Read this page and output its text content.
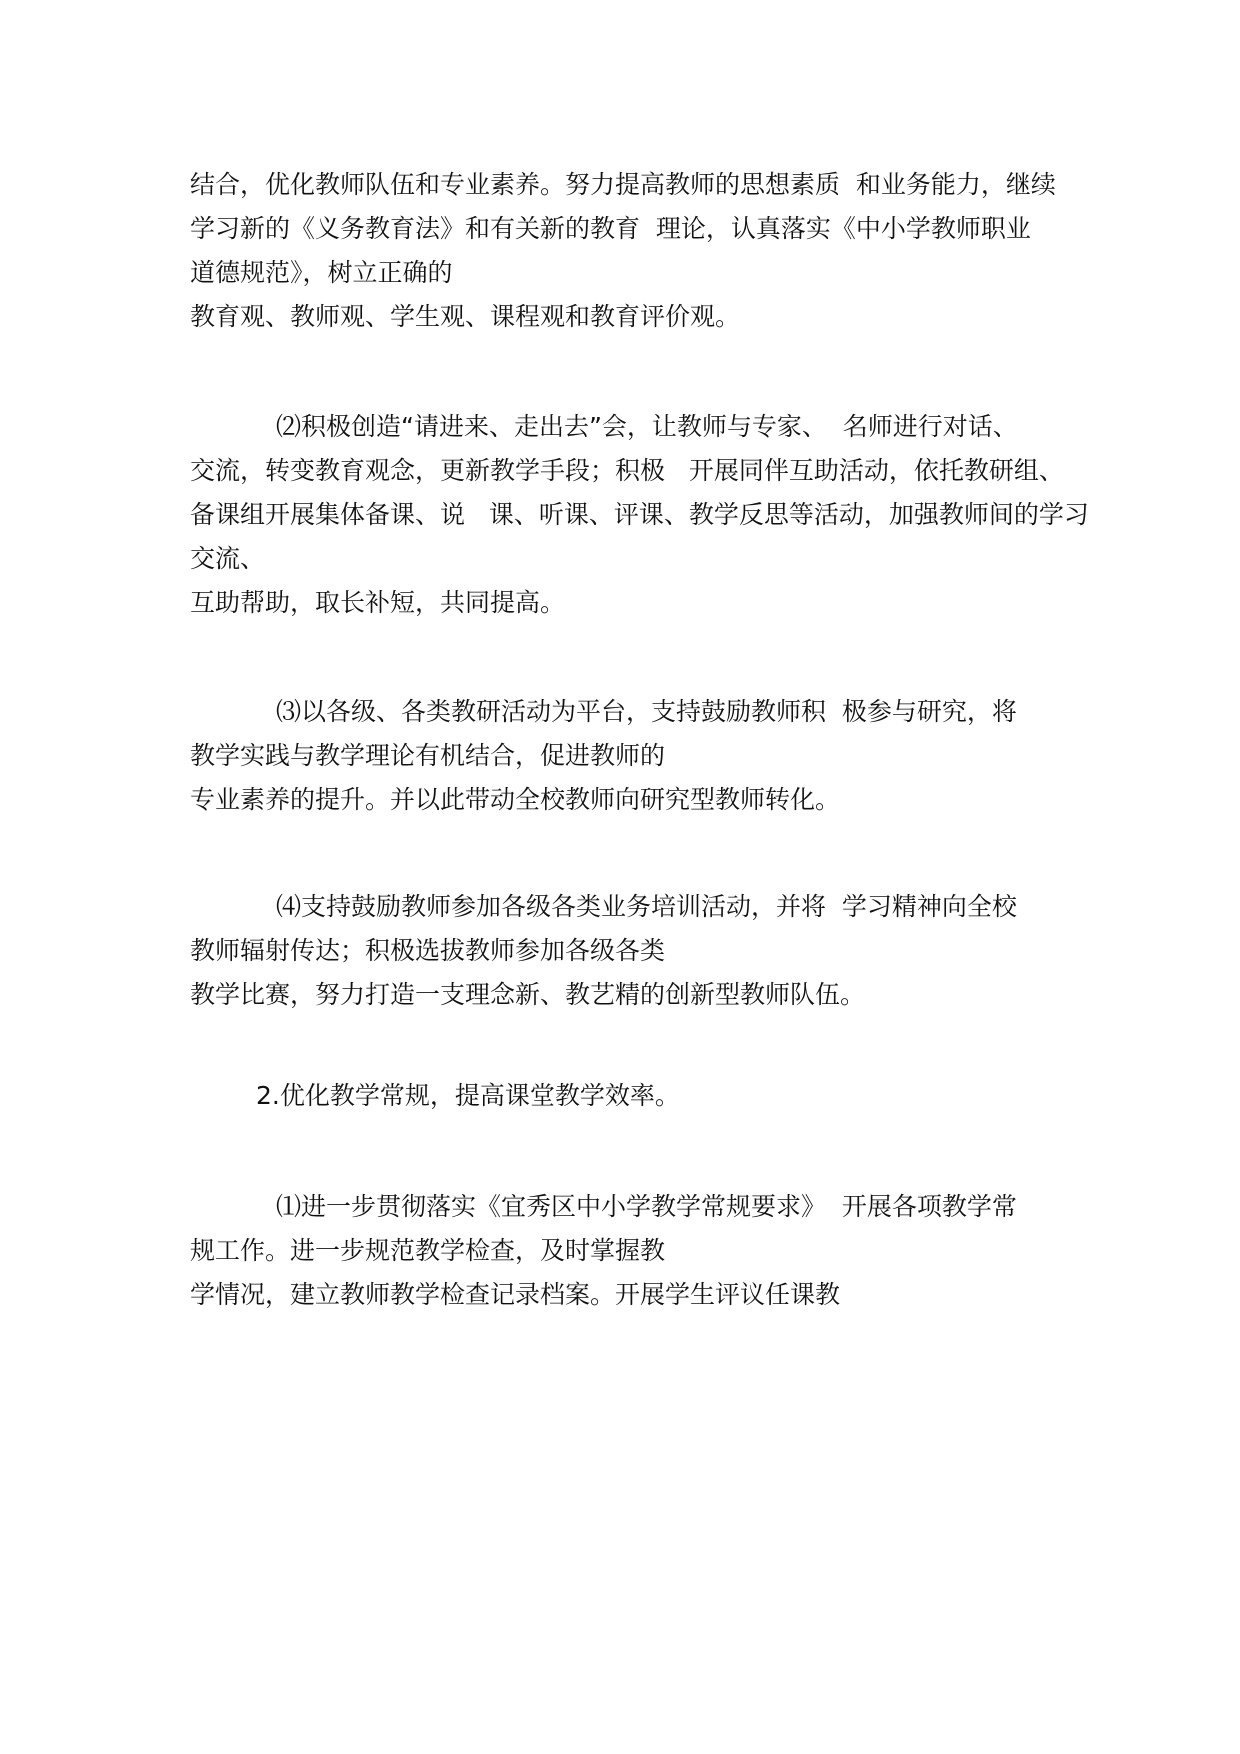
结合，优化教师队伍和专业素养。努力提高教师的思想素质  和业务能力，继续
学习新的《义务教育法》和有关新的教育  理论，认真落实《中小学教师职业
道德规范》，树立正确的
教育观、教师观、学生观、课程观和教育评价观。
⑵积极创造“请进来、走出去”会，让教师与专家、  名师进行对话、
交流，转变教育观念，更新教学手段；积极   开展同伴互助活动，依托教研组、
备课组开展集体备课、说   课、听课、评课、教学反思等活动，加强教师间的学习
交流、
互助帮助，取长补短，共同提高。
⑶以各级、各类教研活动为平台，支持鼓励教师积  极参与研究，将
教学实践与教学理论有机结合，促进教师的
专业素养的提升。并以此带动全校教师向研究型教师转化。
⑷支持鼓励教师参加各级各类业务培训活动，并将  学习精神向全校
教师辐射传达；积极选拔教师参加各级各类
教学比赛，努力打造一支理念新、教艺精的创新型教师队伍。
2.优化教学常规，提高课堂教学效率。
⑴进一步贯彻落实《宜秀区中小学教学常规要求》  开展各项教学常
规工作。进一步规范教学检查，及时掌握教
学情况，建立教师教学检查记录档案。开展学生评议任课教
